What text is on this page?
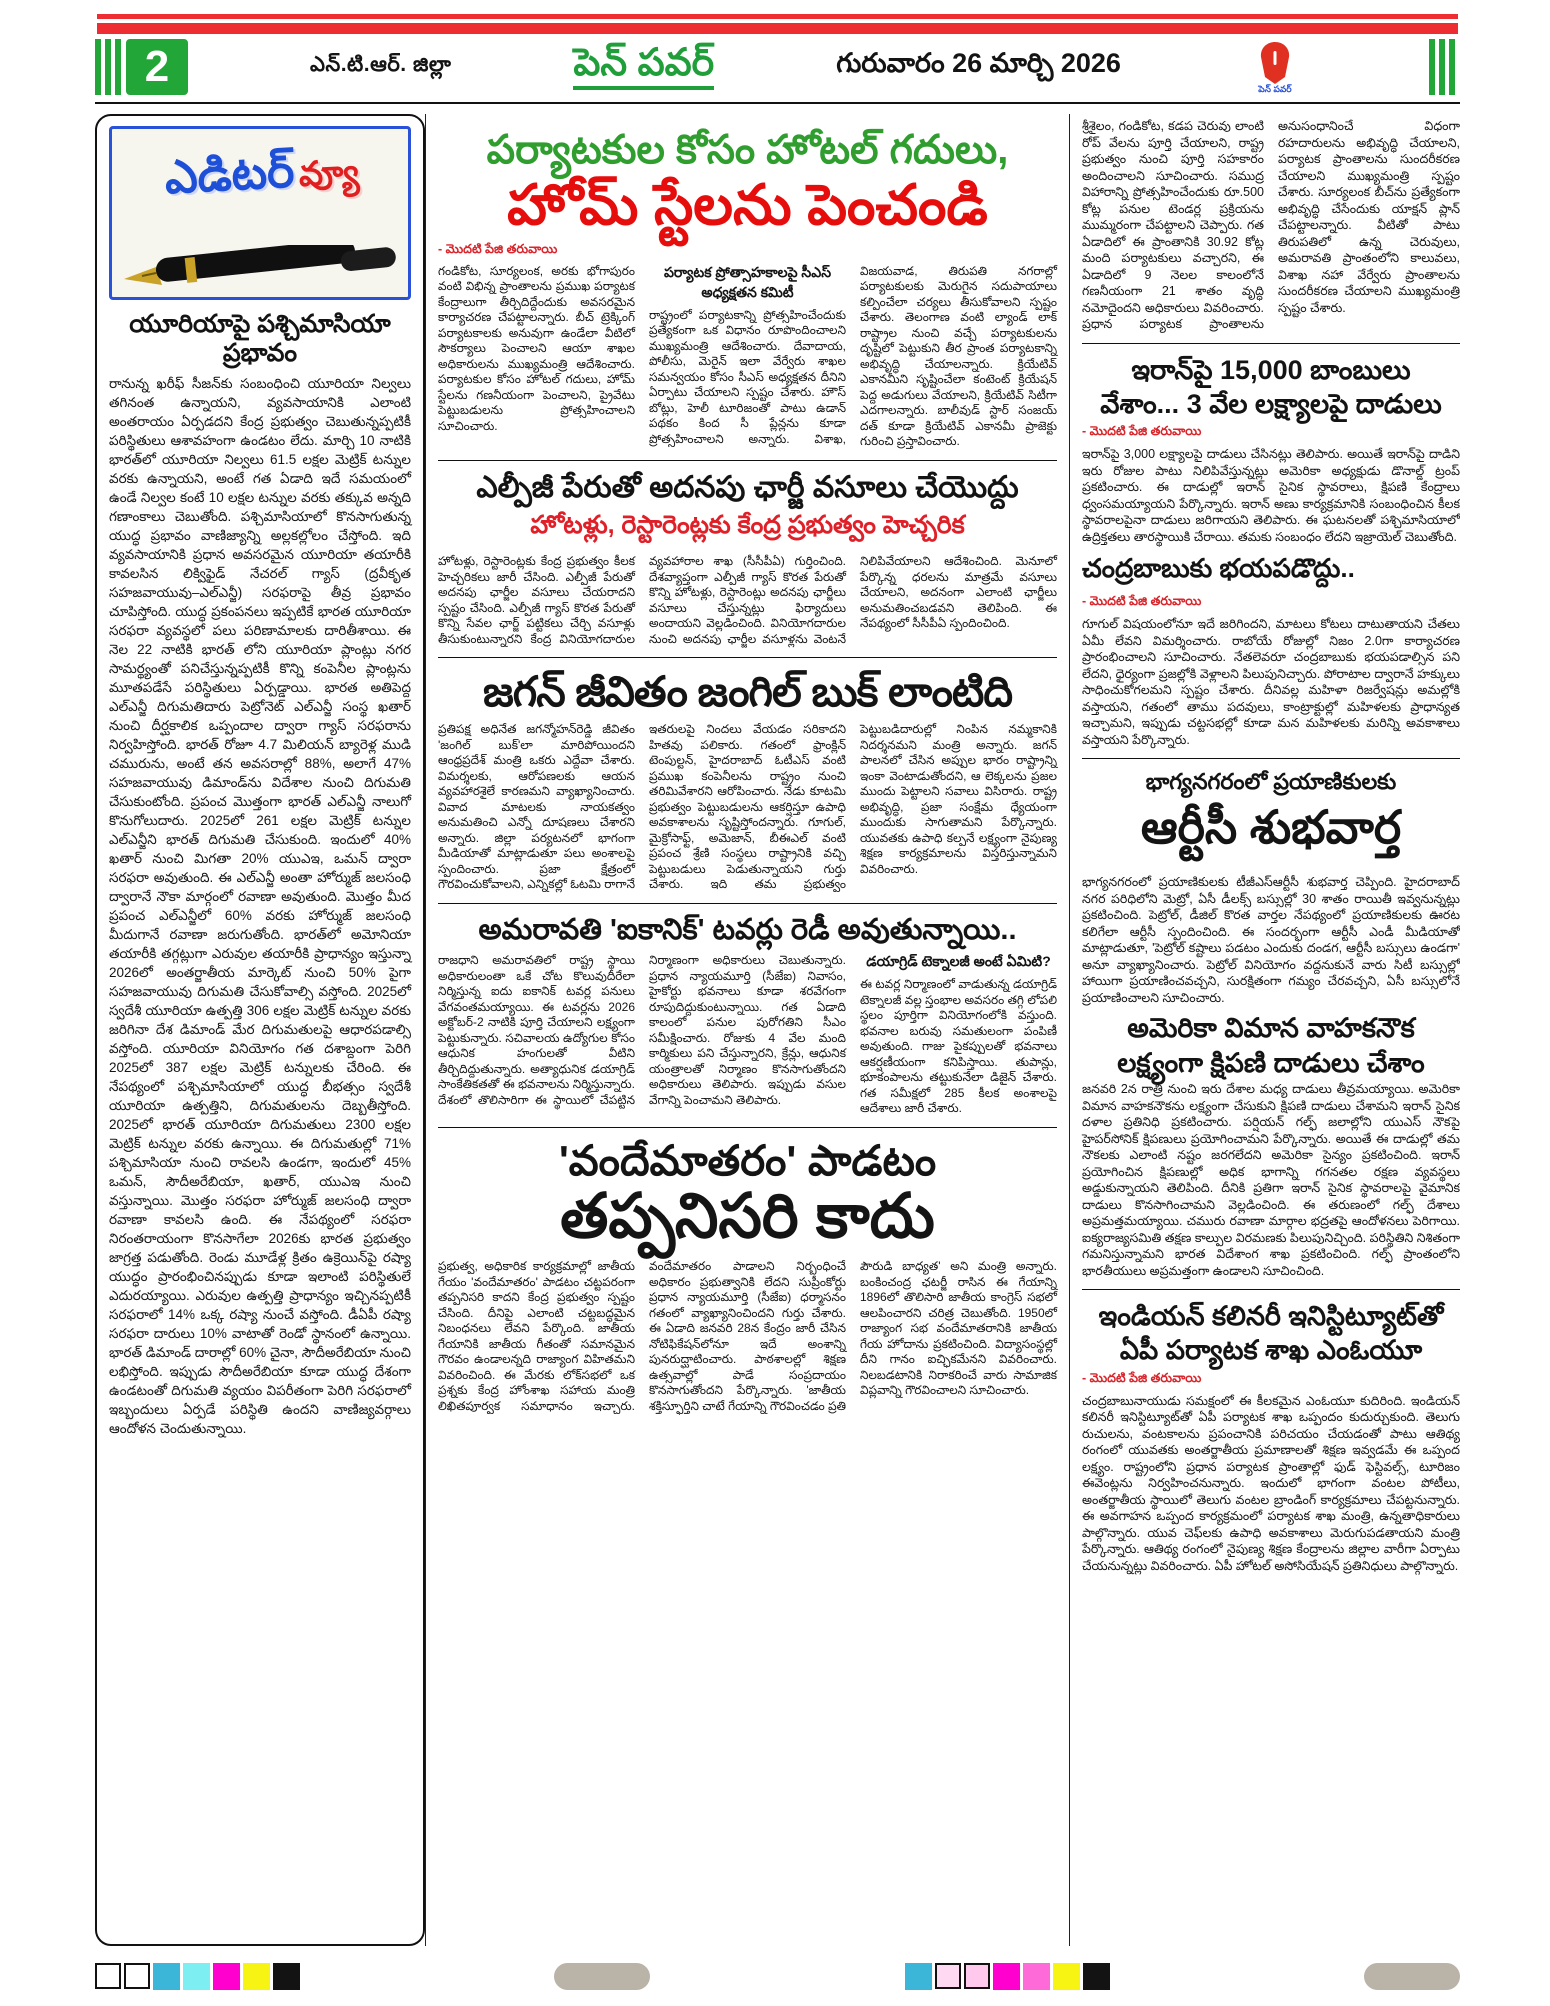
2	ఎన్.టి.ఆర్. జిల్లా	పెన్ పవర్	గురువారం 26 మార్చి 2026
పెన్ పవర్
ఎడిటర్ వ్యూ
యూరియాపై పశ్చిమాసియా ప్రభావం

రానున్న ఖరీఫ్ సీజన్‌కు సంబంధించి యూరియా నిల్వలు తగినంత ఉన్నాయని, వ్యవసాయానికి ఎలాంటి అంతరాయం ఏర్పడదని కేంద్ర ప్రభుత్వం చెబుతున్నప్పటికీ పరిస్థితులు ఆశావహంగా ఉండటం లేదు. మార్చి 10 నాటికి భారత్‌లో యూరియా నిల్వలు 61.5 లక్షల మెట్రిక్ టన్నుల వరకు ఉన్నాయని, అంటే గత ఏడాది ఇదే సమయంలో ఉండే నిల్వల కంటే 10 లక్షల టన్నుల వరకు తక్కువ అన్నది గణాంకాలు చెబుతోంది. పశ్చిమాసియాలో కొనసాగుతున్న యుద్ధ ప్రభావం వాణిజ్యాన్ని అల్లకల్లోలం చేస్తోంది. ఇది వ్యవసాయానికి ప్రధాన అవసరమైన యూరియా తయారీకి కావలసిన లిక్విఫైడ్ నేచరల్ గ్యాస్ (ద్రవీకృత సహజవాయువు–ఎల్ఎన్జీ) సరఫరాపై తీవ్ర ప్రభావం చూపిస్తోంది. యుద్ధ ప్రకంపనలు ఇప్పటికే భారత యూరియా సరఫరా వ్యవస్థలో పలు పరిణామాలకు దారితీశాయి. ఈ నెల 22 నాటికి భారత్ లోని యూరియా ప్లాంట్లు నగర సామర్థ్యంతో పనిచేస్తున్నప్పటికీ కొన్ని కంపెనీల ప్లాంట్లను మూతపడేసే పరిస్థితులు ఏర్పడ్డాయి. భారత అతిపెద్ద ఎల్ఎన్జీ దిగుమతిదారు పెట్రోనెట్ ఎల్ఎన్జీ సంస్థ ఖతార్ నుంచి దీర్ఘకాలిక ఒప్పందాల ద్వారా గ్యాస్ సరఫరాను నిర్వహిస్తోంది. భారత్ రోజూ 4.7 మిలియన్ బ్యారెళ్ల ముడి చమురును, అంటే తన అవసరాల్లో 88%, అలాగే 47% సహజవాయువు డిమాండ్‌ను విదేశాల నుంచి దిగుమతి చేసుకుంటోంది. ప్రపంచ మొత్తంగా భారత్ ఎల్ఎన్జీ నాలుగో కొనుగోలుదారు. 2025లో 261 లక్షల మెట్రిక్ టన్నుల ఎల్ఎన్జీని భారత్ దిగుమతి చేసుకుంది. ఇందులో 40% ఖతార్ నుంచి మిగతా 20% యుఎఇ, ఒమన్ ద్వారా సరఫరా అవుతుంది. ఈ ఎల్ఎన్జీ అంతా హోర్ముజ్ జలసంధి ద్వారానే నౌకా మార్గంలో రవాణా అవుతుంది. మొత్తం మీద ప్రపంచ ఎల్ఎన్జీలో 60% వరకు హోర్ముజ్ జలసంధి మీదుగానే రవాణా జరుగుతోంది. భారత్‌లో అమోనియా తయారీకి తగ్గట్లుగా ఎరువుల తయారీకి ప్రాధాన్యం ఇస్తున్నా 2026లో అంతర్జాతీయ మార్కెట్ నుంచి 50% పైగా సహజవాయువు దిగుమతి చేసుకోవాల్సి వస్తోంది. 2025లో స్వదేశీ యూరియా ఉత్పత్తి 306 లక్షల మెట్రిక్ టన్నుల వరకు జరిగినా దేశ డిమాండ్ మేర దిగుమతులపై ఆధారపడాల్సి వస్తోంది. యూరియా వినియోగం గత దశాబ్దంగా పెరిగి 2025లో 387 లక్షల మెట్రిక్ టన్నులకు చేరింది. ఈ నేపథ్యంలో పశ్చిమాసియాలో యుద్ధ బీభత్సం స్వదేశీ యూరియా ఉత్పత్తిని, దిగుమతులను దెబ్బతీస్తోంది. 2025లో భారత్ యూరియా దిగుమతులు 2300 లక్షల మెట్రిక్ టన్నుల వరకు ఉన్నాయి. ఈ దిగుమతుల్లో 71% పశ్చిమాసియా నుంచి రావలసి ఉండగా, ఇందులో 45% ఒమన్, సౌదీఅరేబియా, ఖతార్, యుఎఇ నుంచి వస్తున్నాయి. మొత్తం సరఫరా హోర్ముజ్ జలసంధి ద్వారా రవాణా కావలసి ఉంది. ఈ నేపథ్యంలో సరఫరా నిరంతరాయంగా కొనసాగేలా 2026కు భారత ప్రభుత్వం జాగ్రత్త పడుతోంది. రెండు మూడేళ్ల క్రితం ఉక్రెయిన్‌పై రష్యా యుద్ధం ప్రారంభించినప్పుడు కూడా ఇలాంటి పరిస్థితులే ఎదురయ్యాయి. ఎరువుల ఉత్పత్తి ప్రాధాన్యం ఇచ్చినప్పటికీ సరఫరాలో 14% ఒక్క రష్యా నుంచే వస్తోంది. డీఏపీ రష్యా సరఫరా దారులు 10% వాటాతో రెండో స్థానంలో ఉన్నాయి. భారత్ డిమాండ్ దారాల్లో 60% చైనా, సౌదీఅరేబియా నుంచి లభిస్తోంది. ఇప్పుడు సౌదీఅరేబియా కూడా యుద్ధ దేశంగా ఉండటంతో దిగుమతి వ్యయం విపరీతంగా పెరిగి సరఫరాలో ఇబ్బందులు ఏర్పడే పరిస్థితి ఉందని వాణిజ్యవర్గాలు ఆందోళన చెందుతున్నాయి.

పర్యాటకుల కోసం హోటల్ గదులు,
హోమ్ స్టేలను పెంచండి
- మొదటి పేజి తరువాయి

గండికోట, సూర్యలంక, అరకు భోగాపురం వంటి విభిన్న ప్రాంతాలను ప్రముఖ పర్యాటక కేంద్రాలుగా తీర్చిదిద్దేందుకు అవసరమైన కార్యాచరణ చేపట్టాలన్నారు. బీచ్ ట్రెక్కింగ్ పర్యాటకాలకు అనువుగా ఉండేలా వీటిలో సౌకర్యాలు పెంచాలని ఆయా శాఖల అధికారులను ముఖ్యమంత్రి ఆదేశించారు. పర్యాటకుల కోసం హోటల్ గదులు, హోమ్ స్టేలను గణనీయంగా పెంచాలని, ప్రైవేటు పెట్టుబడులను ప్రోత్సహించాలని సూచించారు.

పర్యాటక ప్రోత్సాహకాలపై సీఎస్ అధ్యక్షతన కమిటీ

రాష్ట్రంలో పర్యాటకాన్ని ప్రోత్సహించేందుకు ప్రత్యేకంగా ఒక విధానం రూపొందించాలని ముఖ్యమంత్రి ఆదేశించారు. దేవాదాయ, పోలీసు, మెరైన్ ఇలా వేర్వేరు శాఖల సమన్వయం కోసం సీఎస్ అధ్యక్షతన దీనిని ఏర్పాటు చేయాలని స్పష్టం చేశారు. హౌస్ బోట్లు, హెలీ టూరిజంతో పాటు ఉడాన్ పథకం కింద సీ ప్లేన్లను కూడా ప్రోత్సహించాలని అన్నారు. విశాఖ, విజయవాడ, తిరుపతి నగరాల్లో పర్యాటకులకు మెరుగైన సదుపాయాలు కల్పించేలా చర్యలు తీసుకోవాలని స్పష్టం చేశారు. తెలంగాణ వంటి ల్యాండ్ లాక్ రాష్ట్రాల నుంచి వచ్చే పర్యాటకులను దృష్టిలో పెట్టుకుని తీర ప్రాంత పర్యాటకాన్ని అభివృద్ధి చేయాలన్నారు. క్రియేటివ్ ఎకానమీని సృష్టించేలా కంటెంట్ క్రియేషన్ పెద్ద అడుగులు వేయాలని, క్రియేటివ్ సిటీగా ఎదగాలన్నారు. బాలీవుడ్ స్టార్ సంజయ్ దత్ కూడా క్రియేటివ్ ఎకానమీ ప్రాజెక్టు గురించి ప్రస్తావించారు.

ఎల్పీజీ పేరుతో అదనపు ఛార్జీ వసూలు చేయొద్దు
హోటళ్లు, రెస్టారెంట్లకు కేంద్ర ప్రభుత్వం హెచ్చరిక

హోటళ్లు, రెస్టారెంట్లకు కేంద్ర ప్రభుత్వం కీలక హెచ్చరికలు జారీ చేసింది. ఎల్పీజీ పేరుతో అదనపు ఛార్జీల వసూలు చేయరాదని స్పష్టం చేసింది. ఎల్పీజీ గ్యాస్ కొరత పేరుతో కొన్ని సేవల ఛార్జ్ పట్టికలు చేర్చి వసూళ్లు తీసుకుంటున్నారని కేంద్ర వినియోగదారుల వ్యవహారాల శాఖ (సీసీపీఏ) గుర్తించింది. దేశవ్యాప్తంగా ఎల్పీజీ గ్యాస్ కొరత పేరుతో కొన్ని హోటళ్లు, రెస్టారెంట్లు అదనపు ఛార్జీలు వసూలు చేస్తున్నట్లు ఫిర్యాదులు అందాయని వెల్లడించింది. వినియోగదారుల నుంచి అదనపు ఛార్జీల వసూళ్లను వెంటనే నిలిపివేయాలని ఆదేశించింది. మెనూలో పేర్కొన్న ధరలను మాత్రమే వసూలు చేయాలని, అదనంగా ఎలాంటి ఛార్జీలు అనుమతించబడవని తెలిపింది. ఈ నేపథ్యంలో సీసీపీఏ స్పందించింది.

జగన్ జీవితం జంగిల్ బుక్ లాంటిది

ప్రతిపక్ష అధినేత జగన్మోహన్‌రెడ్డి జీవితం 'జంగిల్ బుక్'లా మారిపోయిందని ఆంధ్రప్రదేశ్ మంత్రి ఒకరు ఎద్దేవా చేశారు. విమర్శలకు, ఆరోపణలకు ఆయన వ్యవహారశైలే కారణమని వ్యాఖ్యానించారు. వివాద మాటలకు నాయకత్వం అనుమతించి ఎన్నో దూషణలు చేశారని అన్నారు. జిల్లా పర్యటనలో భాగంగా మీడియాతో మాట్లాడుతూ పలు అంశాలపై స్పందించారు. ప్రజా క్షేత్రంలో గౌరవించుకోవాలని, ఎన్నికల్లో ఓటమి రాగానే ఇతరులపై నిందలు వేయడం సరికాదని హితవు పలికారు. గతంలో ఫ్రాంక్లిన్ టెంపుల్టన్, హైదరాబాద్ ఓటీఎస్ వంటి ప్రముఖ కంపెనీలను రాష్ట్రం నుంచి తరిమివేశారని ఆరోపించారు. నేడు కూటమి ప్రభుత్వం పెట్టుబడులను ఆకర్షిస్తూ ఉపాధి అవకాశాలను సృష్టిస్తోందన్నారు. గూగుల్, మైక్రోసాఫ్ట్, అమెజాన్, బీఈఎల్ వంటి ప్రపంచ శ్రేణి సంస్థలు రాష్ట్రానికి వచ్చి పెట్టుబడులు పెడుతున్నాయని గుర్తు చేశారు. ఇది తమ ప్రభుత్వం పెట్టుబడిదారుల్లో నింపిన నమ్మకానికి నిదర్శనమని మంత్రి అన్నారు. జగన్ పాలనలో చేసిన అప్పుల భారం రాష్ట్రాన్ని ఇంకా వెంటాడుతోందని, ఆ లెక్కలను ప్రజల ముందు పెట్టాలని సవాలు విసిరారు. రాష్ట్ర అభివృద్ధి, ప్రజా సంక్షేమ ధ్యేయంగా ముందుకు సాగుతామని పేర్కొన్నారు. యువతకు ఉపాధి కల్పనే లక్ష్యంగా నైపుణ్య శిక్షణ కార్యక్రమాలను విస్తరిస్తున్నామని వివరించారు.

అమరావతి 'ఐకానిక్' టవర్లు రెడీ అవుతున్నాయి..

రాజధాని అమరావతిలో రాష్ట్ర స్థాయి అధికారులంతా ఒకే చోట కొలువుదీరేలా నిర్మిస్తున్న ఐదు ఐకానిక్ టవర్ల పనులు వేగవంతమయ్యాయి. ఈ టవర్లను 2026 అక్టోబర్-2 నాటికి పూర్తి చేయాలని లక్ష్యంగా పెట్టుకున్నారు. సచివాలయ ఉద్యోగుల కోసం ఆధునిక హంగులతో వీటిని తీర్చిదిద్దుతున్నారు. అత్యాధునిక డయాగ్రిడ్ సాంకేతికతతో ఈ భవనాలను నిర్మిస్తున్నారు. దేశంలో తొలిసారిగా ఈ స్థాయిలో చేపట్టిన నిర్మాణంగా అధికారులు చెబుతున్నారు. ప్రధాన న్యాయమూర్తి (సీజేఐ) నివాసం, హైకోర్టు భవనాలు కూడా శరవేగంగా రూపుదిద్దుకుంటున్నాయి. గత ఏడాది కాలంలో పనుల పురోగతిని సీఎం సమీక్షించారు. రోజుకు 4 వేల మంది కార్మికులు పని చేస్తున్నారని, క్రేన్లు, ఆధునిక యంత్రాలతో నిర్మాణం కొనసాగుతోందని అధికారులు తెలిపారు. ఇప్పుడు వసుల వేగాన్ని పెంచామని తెలిపారు.

డయాగ్రిడ్ టెక్నాలజీ అంటే ఏమిటి?

ఈ టవర్ల నిర్మాణంలో వాడుతున్న డయాగ్రిడ్ టెక్నాలజీ వల్ల స్తంభాల అవసరం తగ్గి లోపలి స్థలం పూర్తిగా వినియోగంలోకి వస్తుంది. భవనాల బరువు సమతులంగా పంపిణీ అవుతుంది. గాజు పైకప్పులతో భవనాలు ఆకర్షణీయంగా కనిపిస్తాయి. తుపాన్లు, భూకంపాలను తట్టుకునేలా డిజైన్ చేశారు. గత సమీక్షలో 285 కీలక అంశాలపై ఆదేశాలు జారీ చేశారు.

'వందేమాతరం' పాడటం
తప్పనిసరి కాదు

ప్రభుత్వ, అధికారిక కార్యక్రమాల్లో జాతీయ గేయం 'వందేమాతరం' పాడటం చట్టపరంగా తప్పనిసరి కాదని కేంద్ర ప్రభుత్వం స్పష్టం చేసింది. దీనిపై ఎలాంటి చట్టబద్ధమైన నిబంధనలు లేవని పేర్కొంది. జాతీయ గేయానికి జాతీయ గీతంతో సమానమైన గౌరవం ఉండాలన్నది రాజ్యాంగ విహితమని వివరించింది. ఈ మేరకు లోక్‌సభలో ఒక ప్రశ్నకు కేంద్ర హోంశాఖ సహాయ మంత్రి లిఖితపూర్వక సమాధానం ఇచ్చారు. వందేమాతరం పాడాలని నిర్బంధించే అధికారం ప్రభుత్వానికి లేదని సుప్రీంకోర్టు ప్రధాన న్యాయమూర్తి (సీజేఐ) ధర్మాసనం గతంలో వ్యాఖ్యానించిందని గుర్తు చేశారు. ఈ ఏడాది జనవరి 28న కేంద్రం జారీ చేసిన నోటిఫికేషన్‌లోనూ ఇదే అంశాన్ని పునరుద్ఘాటించారు. పాఠశాలల్లో శిక్షణ ఉత్సవాల్లో పాడే సంప్రదాయం కొనసాగుతోందని పేర్కొన్నారు. 'జాతీయ శక్తిస్ఫూర్తిని చాటే గేయాన్ని గౌరవించడం ప్రతి పౌరుడి బాధ్యత' అని మంత్రి అన్నారు. బంకించంద్ర ఛటర్జీ రాసిన ఈ గేయాన్ని 1896లో తొలిసారి జాతీయ కాంగ్రెస్ సభలో ఆలపించారని చరిత్ర చెబుతోంది. 1950లో రాజ్యాంగ సభ వందేమాతరానికి జాతీయ గేయ హోదాను ప్రకటించింది. విద్యాసంస్థల్లో దీని గానం ఐచ్ఛికమేనని వివరించారు. నిలబడటానికి నిరాకరించే వారు సామాజిక విప్లవాన్ని గౌరవించాలని సూచించారు.

శ్రీశైలం, గండికోట, కడప చెరువు లాంటి రోప్ వేలను పూర్తి చేయాలని, రాష్ట్ర ప్రభుత్వం నుంచి పూర్తి సహకారం అందించాలని సూచించారు. సముద్ర విహారాన్ని ప్రోత్సహించేందుకు రూ.500 కోట్ల పనుల టెండర్ల ప్రక్రియను ముమ్మరంగా చేపట్టాలని చెప్పారు. గత ఏడాదిలో ఈ ప్రాంతానికి 30.92 కోట్ల మంది పర్యాటకులు వచ్చారని, ఈ ఏడాదిలో 9 నెలల కాలంలోనే గణనీయంగా 21 శాతం వృద్ధి నమోదైందని అధికారులు వివరించారు. ప్రధాన పర్యాటక ప్రాంతాలను అనుసంధానించే విధంగా రహదారులను అభివృద్ధి చేయాలని, పర్యాటక ప్రాంతాలను సుందరీకరణ చేయాలని ముఖ్యమంత్రి స్పష్టం చేశారు. సూర్యలంక బీచ్‌ను ప్రత్యేకంగా అభివృద్ధి చేసేందుకు యాక్షన్ ప్లాన్ చేపట్టాలన్నారు. వీటితో పాటు తిరుపతిలో ఉన్న చెరువులు, అమరావతి ప్రాంతంలోని కాలువలు, విశాఖ నహా వేర్వేరు ప్రాంతాలను సుందరీకరణ చేయాలని ముఖ్యమంత్రి స్పష్టం చేశారు.

ఇరాన్‌పై 15,000 బాంబులు
వేశాం... 3 వేల లక్ష్యాలపై దాడులు
- మొదటి పేజి తరువాయి

ఇరాన్‌పై 3,000 లక్ష్యాలపై దాడులు చేసినట్లు తెలిపారు. అయితే ఇరాన్‌పై దాడిని ఇరు రోజుల పాటు నిలిపివేస్తున్నట్లు అమెరికా అధ్యక్షుడు డొనాల్డ్ ట్రంప్ ప్రకటించారు. ఈ దాడుల్లో ఇరాన్ సైనిక స్థావరాలు, క్షిపణి కేంద్రాలు ధ్వంసమయ్యాయని పేర్కొన్నారు. ఇరాన్ అణు కార్యక్రమానికి సంబంధించిన కీలక స్థావరాలపైనా దాడులు జరిగాయని తెలిపారు. ఈ ఘటనలతో పశ్చిమాసియాలో ఉద్రిక్తతలు తారస్థాయికి చేరాయి. తమకు సంబంధం లేదని ఇజ్రాయెల్ చెబుతోంది.

చంద్రబాబుకు భయపడొద్దు..
- మొదటి పేజి తరువాయి

గూగుల్ విషయంలోనూ ఇదే జరిగిందని, మాటలు కోటలు దాటుతాయని చేతలు ఏమీ లేవని విమర్శించారు. రాబోయే రోజుల్లో నిజం 2.0గా కార్యాచరణ ప్రారంభించాలని సూచించారు. నేతలెవరూ చంద్రబాబుకు భయపడాల్సిన పని లేదని, ధైర్యంగా ప్రజల్లోకి వెళ్లాలని పిలుపునిచ్చారు. పోరాటాల ద్వారానే హక్కులు సాధించుకోగలమని స్పష్టం చేశారు. దీనివల్ల మహిళా రిజర్వేషన్లు అమల్లోకి వస్తాయని, గతంలో తాము పదవులు, కాంట్రాక్టుల్లో మహిళలకు ప్రాధాన్యత ఇచ్చామని, ఇప్పుడు చట్టసభల్లో కూడా మన మహిళలకు మరిన్ని అవకాశాలు వస్తాయని పేర్కొన్నారు.

భాగ్యనగరంలో ప్రయాణికులకు
ఆర్టీసీ శుభవార్త

భాగ్యనగరంలో ప్రయాణికులకు టీజీఎస్ఆర్టీసీ శుభవార్త చెప్పింది. హైదరాబాద్ నగర పరిధిలోని మెట్రో, ఏసీ డీలక్స్ బస్సుల్లో 30 శాతం రాయితీ ఇవ్వనున్నట్లు ప్రకటించింది. పెట్రోల్, డీజిల్ కొరత వార్తల నేపథ్యంలో ప్రయాణికులకు ఊరట కలిగేలా ఆర్టీసీ స్పందించింది. ఈ సందర్భంగా ఆర్టీసీ ఎండీ మీడియాతో మాట్లాడుతూ, 'పెట్రోల్ కష్టాలు పడటం ఎందుకు దండగ, ఆర్టీసీ బస్సులు ఉండగా' అనూ వ్యాఖ్యానించారు. పెట్రోల్ వినియోగం వద్దనుకునే వారు సిటీ బస్సుల్లో హాయిగా ప్రయాణించవచ్చని, సురక్షితంగా గమ్యం చేరవచ్చని, ఏసీ బస్సులోనే ప్రయాణించాలని సూచించారు.

అమెరికా విమాన వాహకనౌక
లక్ష్యంగా క్షిపణి దాడులు చేశాం

జనవరి 2న రాత్రి నుంచి ఇరు దేశాల మధ్య దాడులు తీవ్రమయ్యాయి. అమెరికా విమాన వాహకనౌకను లక్ష్యంగా చేసుకుని క్షిపణి దాడులు చేశామని ఇరాన్ సైనిక దళాల ప్రతినిధి ప్రకటించారు. పర్షియన్ గల్ఫ్ జలాల్లోని యుఎస్ నౌకపై హైపర్‌సోనిక్ క్షిపణులు ప్రయోగించామని పేర్కొన్నారు. అయితే ఈ దాడుల్లో తమ నౌకలకు ఎలాంటి నష్టం జరగలేదని అమెరికా సైన్యం ప్రకటించింది. ఇరాన్ ప్రయోగించిన క్షిపణుల్లో అధిక భాగాన్ని గగనతల రక్షణ వ్యవస్థలు అడ్డుకున్నాయని తెలిపింది. దీనికి ప్రతిగా ఇరాన్ సైనిక స్థావరాలపై వైమానిక దాడులు కొనసాగించామని వెల్లడించింది. ఈ తరుణంలో గల్ఫ్ దేశాలు అప్రమత్తమయ్యాయి. చమురు రవాణా మార్గాల భద్రతపై ఆందోళనలు పెరిగాయి. ఐక్యరాజ్యసమితి తక్షణ కాల్పుల విరమణకు పిలుపునిచ్చింది. పరిస్థితిని నిశితంగా గమనిస్తున్నామని భారత విదేశాంగ శాఖ ప్రకటించింది. గల్ఫ్ ప్రాంతంలోని భారతీయులు అప్రమత్తంగా ఉండాలని సూచించింది.

ఇండియన్ కలినరీ ఇనిస్టిట్యూట్‌తో
ఏపీ పర్యాటక శాఖ ఎంఓయూ
- మొదటి పేజి తరువాయి

చంద్రబాబునాయుడు సమక్షంలో ఈ కీలకమైన ఎంఓయూ కుదిరింది. ఇండియన్ కలినరీ ఇనిస్టిట్యూట్‌తో ఏపీ పర్యాటక శాఖ ఒప్పందం కుదుర్చుకుంది. తెలుగు రుచులను, వంటకాలను ప్రపంచానికి పరిచయం చేయడంతో పాటు ఆతిథ్య రంగంలో యువతకు అంతర్జాతీయ ప్రమాణాలతో శిక్షణ ఇవ్వడమే ఈ ఒప్పంద లక్ష్యం. రాష్ట్రంలోని ప్రధాన పర్యాటక ప్రాంతాల్లో ఫుడ్ ఫెస్టివల్స్, టూరిజం ఈవెంట్లను నిర్వహించనున్నారు. ఇందులో భాగంగా వంటల పోటీలు, అంతర్జాతీయ స్థాయిలో తెలుగు వంటల బ్రాండింగ్ కార్యక్రమాలు చేపట్టనున్నారు. ఈ అవగాహన ఒప్పంద కార్యక్రమంలో పర్యాటక శాఖ మంత్రి, ఉన్నతాధికారులు పాల్గొన్నారు. యువ చెఫ్‌లకు ఉపాధి అవకాశాలు మెరుగుపడతాయని మంత్రి పేర్కొన్నారు. ఆతిథ్య రంగంలో నైపుణ్య శిక్షణ కేంద్రాలను జిల్లాల వారీగా ఏర్పాటు చేయనున్నట్లు వివరించారు. ఏపీ హోటల్ అసోసియేషన్ ప్రతినిధులు పాల్గొన్నారు.
